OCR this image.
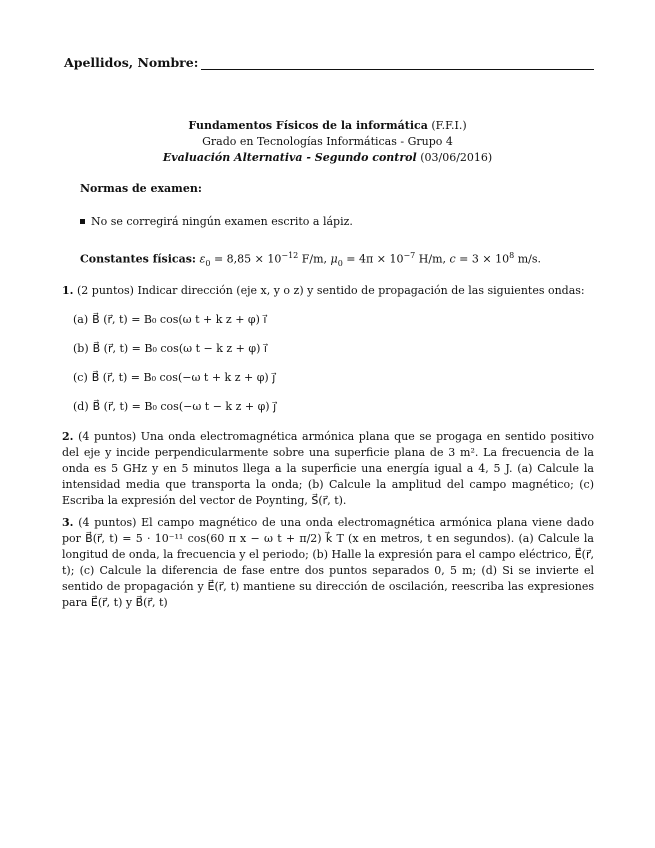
Apellidos, Nombre:
Fundamentos Físicos de la informática (F.F.I.)
Grado en Tecnologías Informáticas - Grupo 4
Evaluación Alternativa - Segundo control (03/06/2016)
Normas de examen:
No se corregirá ningún examen escrito a lápiz.
Constantes físicas: $\varepsilon_0 = 8,85 \times 10^{-12}$ F/m, $\mu_0 = 4\pi \times 10^{-7}$ H/m, $c = 3 \times 10^8$ m/s.
1. (2 puntos) Indicar dirección (eje x, y o z) y sentido de propagación de las siguientes ondas:
(a) B⃗ (r⃗, t) = B₀ cos(ω t + k z + φ) i⃗
(b) B⃗ (r⃗, t) = B₀ cos(ω t − k z + φ) i⃗
(c) B⃗ (r⃗, t) = B₀ cos(−ω t + k z + φ) j⃗
(d) B⃗ (r⃗, t) = B₀ cos(−ω t − k z + φ) j⃗
2. (4 puntos) Una onda electromagnética armónica plana que se progaga en sentido positivo del eje y incide perpendicularmente sobre una superficie plana de 3 m². La frecuencia de la onda es 5 GHz y en 5 minutos llega a la superficie una energía igual a 4, 5 J. (a) Calcule la intensidad media que transporta la onda; (b) Calcule la amplitud del campo magnético; (c) Escriba la expresión del vector de Poynting, S⃗(r⃗, t).
3. (4 puntos) El campo magnético de una onda electromagnética armónica plana viene dado por B⃗(r⃗, t) = 5 · 10⁻¹¹ cos(60 π x − ω t + π/2) k⃗ T (x en metros, t en segundos). (a) Calcule la longitud de onda, la frecuencia y el periodo; (b) Halle la expresión para el campo eléctrico, E⃗(r⃗, t); (c) Calcule la diferencia de fase entre dos puntos separados 0, 5 m; (d) Si se invierte el sentido de propagación y E⃗(r⃗, t) mantiene su dirección de oscilación, reescriba las expresiones para E⃗(r⃗, t) y B⃗(r⃗, t)
